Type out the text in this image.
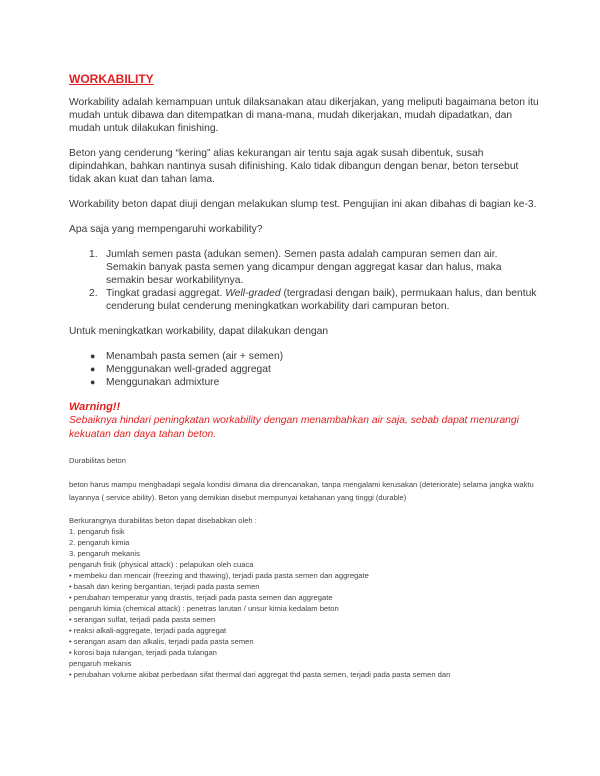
WORKABILITY

Workability adalah kemampuan untuk dilaksanakan atau dikerjakan, yang meliputi bagaimana beton itu mudah untuk dibawa dan ditempatkan di mana-mana, mudah dikerjakan, mudah dipadatkan, dan mudah untuk dilakukan finishing.

Beton yang cenderung “kering” alias kekurangan air tentu saja agak susah dibentuk, susah dipindahkan, bahkan nantinya susah difinishing. Kalo tidak dibangun dengan benar, beton tersebut tidak akan kuat dan tahan lama.

Workability beton dapat diuji dengan melakukan slump test. Pengujian ini akan dibahas di bagian ke-3.

Apa saja yang mempengaruhi workability?

1. Jumlah semen pasta (adukan semen). Semen pasta adalah campuran semen dan air. Semakin banyak pasta semen yang dicampur dengan aggregat kasar dan halus, maka semakin besar workabilitynya.
2. Tingkat gradasi aggregat. Well-graded (tergradasi dengan baik), permukaan halus, dan bentuk cenderung bulat cenderung meningkatkan workability dari campuran beton.

Untuk meningkatkan workability, dapat dilakukan dengan

● Menambah pasta semen (air + semen)
● Menggunakan well-graded aggregat
● Menggunakan admixture

Warning!!

Sebaiknya hindari peningkatan workability dengan menambahkan air saja, sebab dapat menurangi kekuatan dan daya tahan beton.

Durabilitas beton

beton harus mampu menghadapi segala kondisi dimana dia direncanakan, tanpa mengalami kerusakan (deteriorate) selama jangka waktu layannya ( service ability). Beton yang demikian disebut mempunyai ketahanan yang tinggi (durable)

Berkurangnya durabilitas beton dapat disebabkan oleh :

1. pengaruh fisik

2. pengaruh kimia

3. pengaruh mekanis

pengaruh fisik (physical attack) : pelapukan oleh cuaca

• membeku dan mencair (freezing and thawing), terjadi pada pasta semen dan aggregate

• basah dan kering bergantian, terjadi pada pasta semen

• perubahan temperatur yang drastis, terjadi pada pasta semen dan aggregate

pengaruh kimia (chemical attack) : penetras larutan / unsur kimia kedalam beton

• serangan sulfat, terjadi pada pasta semen

• reaksi alkali-aggregate, terjadi pada aggregat

• serangan asam dan alkalis, terjadi pada pasta semen

• korosi baja tulangan, terjadi pada tulangan

pengaruh mekanis

• perubahan volume akibat perbedaan sifat thermal dari aggregat thd pasta semen, terjadi pada pasta semen dan
